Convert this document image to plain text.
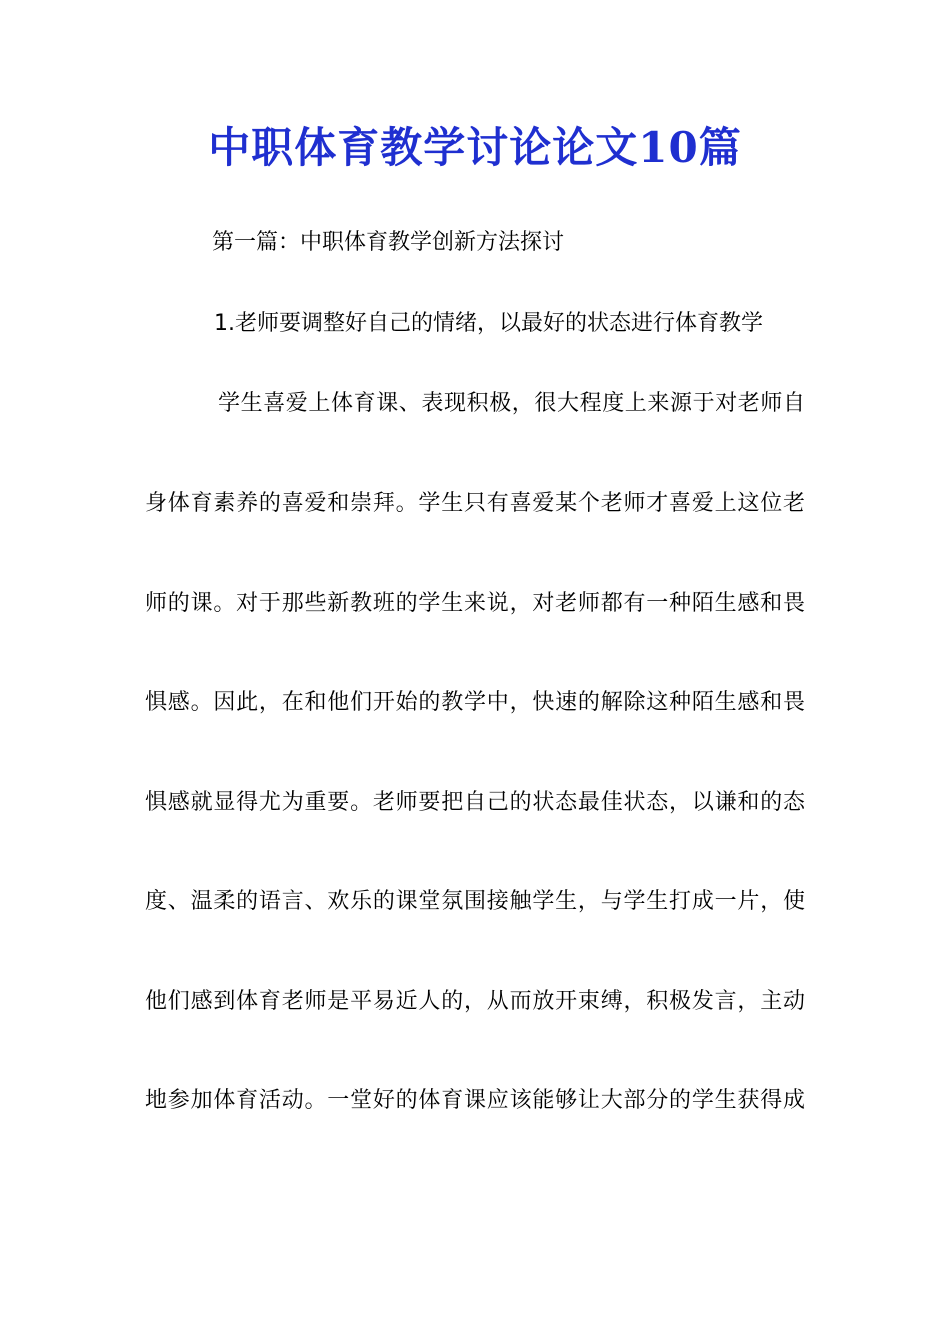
中职体育教学讨论论文10篇
第一篇：中职体育教学创新方法探讨
1.老师要调整好自己的情绪，以最好的状态进行体育教学
学生喜爱上体育课、表现积极，很大程度上来源于对老师自
身体育素养的喜爱和崇拜。学生只有喜爱某个老师才喜爱上这位老
师的课。对于那些新教班的学生来说，对老师都有一种陌生感和畏
惧感。因此，在和他们开始的教学中，快速的解除这种陌生感和畏
惧感就显得尤为重要。老师要把自己的状态最佳状态，以谦和的态
度、温柔的语言、欢乐的课堂氛围接触学生，与学生打成一片，使
他们感到体育老师是平易近人的，从而放开束缚，积极发言，主动
地参加体育活动。一堂好的体育课应该能够让大部分的学生获得成
